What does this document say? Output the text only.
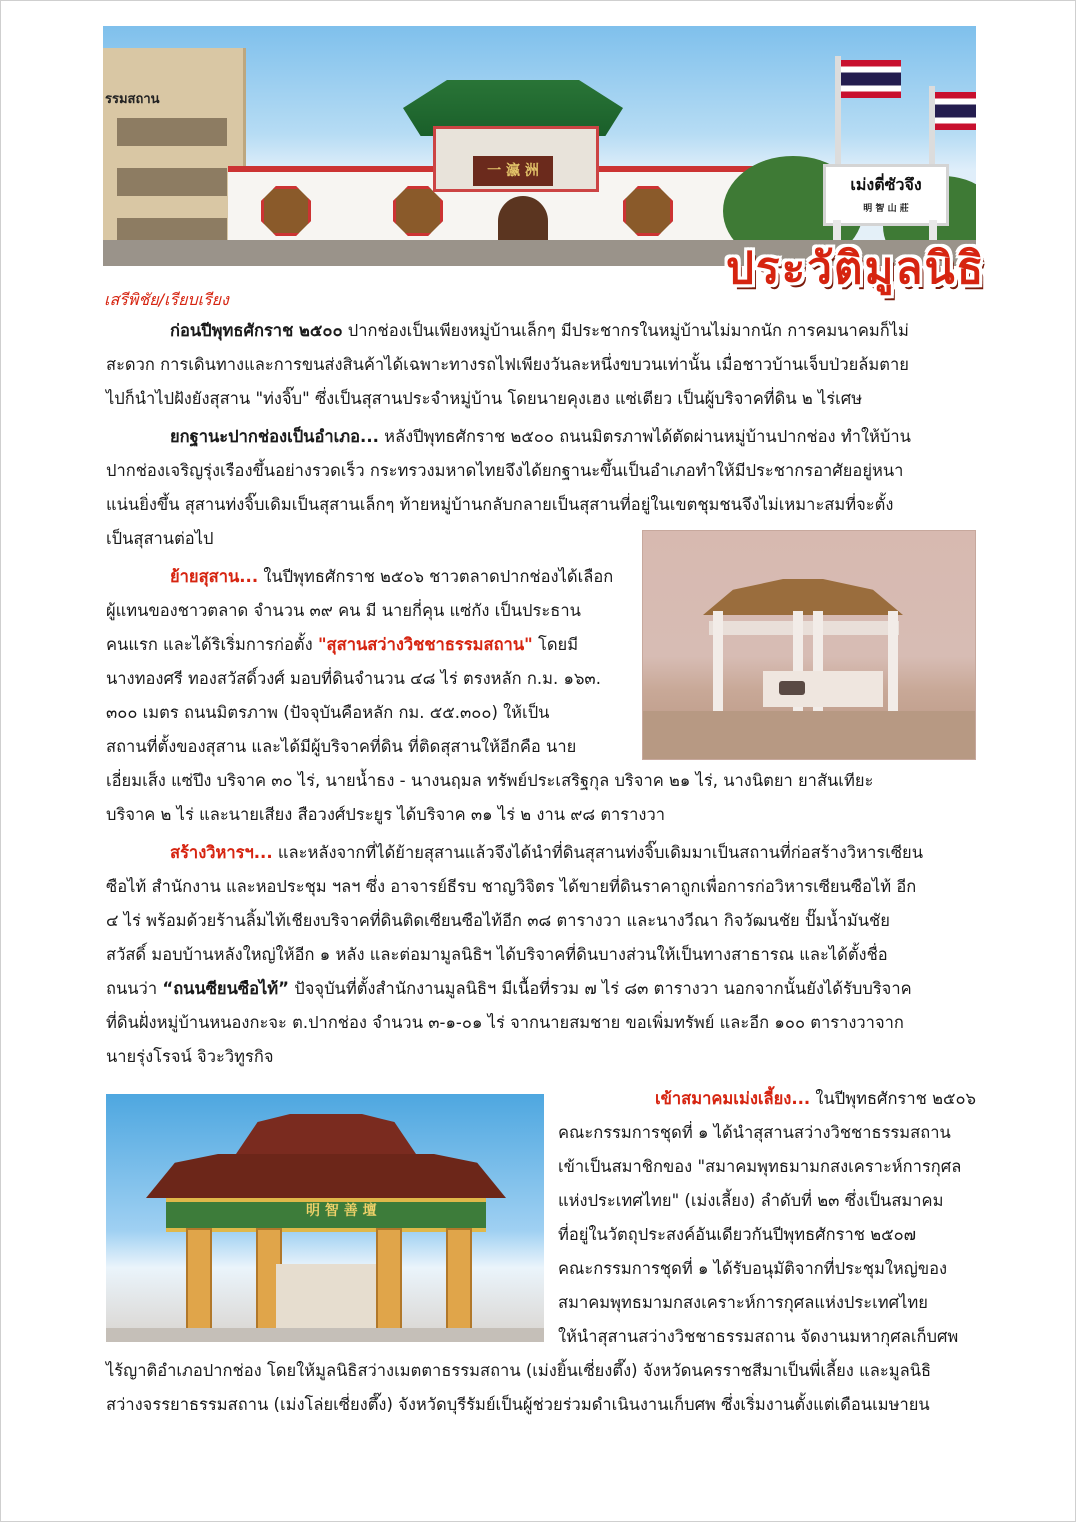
รรมสถาน
一 瀛 洲
เม่งตี่ซัวจึง
明 智 山 莊
ประวัติมูลนิธิ
เสรีพิชัย/เรียบเรียง
ก่อนปีพุทธศักราช ๒๕๐๐ ปากช่องเป็นเพียงหมู่บ้านเล็กๆ มีประชากรในหมู่บ้านไม่มากนัก การคมนาคมก็ไม่
สะดวก การเดินทางและการขนส่งสินค้าได้เฉพาะทางรถไฟเพียงวันละหนึ่งขบวนเท่านั้น เมื่อชาวบ้านเจ็บป่วยล้มตาย
ไปก็นำไปฝังยังสุสาน "ท่งจิ๊บ" ซึ่งเป็นสุสานประจำหมู่บ้าน โดยนายคุงเฮง แซ่เตียว เป็นผู้บริจาคที่ดิน ๒ ไร่เศษ
ยกฐานะปากช่องเป็นอำเภอ... หลังปีพุทธศักราช ๒๕๐๐ ถนนมิตรภาพได้ตัดผ่านหมู่บ้านปากช่อง ทำให้บ้าน
ปากช่องเจริญรุ่งเรืองขึ้นอย่างรวดเร็ว กระทรวงมหาดไทยจึงได้ยกฐานะขึ้นเป็นอำเภอทำให้มีประชากรอาศัยอยู่หนา
แน่นยิ่งขึ้น สุสานท่งจิ๊บเดิมเป็นสุสานเล็กๆ ท้ายหมู่บ้านกลับกลายเป็นสุสานที่อยู่ในเขตชุมชนจึงไม่เหมาะสมที่จะตั้ง
เป็นสุสานต่อไป
ย้ายสุสาน... ในปีพุทธศักราช ๒๕๐๖ ชาวตลาดปากช่องได้เลือก
ผู้แทนของชาวตลาด จำนวน ๓๙ คน มี นายกี่คุน แซ่กัง เป็นประธาน
คนแรก และได้ริเริ่มการก่อตั้ง "สุสานสว่างวิชชาธรรมสถาน" โดยมี
นางทองศรี ทองสวัสดิ์วงศ์ มอบที่ดินจำนวน ๔๘ ไร่ ตรงหลัก ก.ม. ๑๖๓.
๓๐๐ เมตร ถนนมิตรภาพ (ปัจจุบันคือหลัก กม. ๕๕.๓๐๐) ให้เป็น
สถานที่ตั้งของสุสาน และได้มีผู้บริจาคที่ดิน ที่ติดสุสานให้อีกคือ นาย
เอี่ยมเส็ง แซ่ปึง บริจาค ๓๐ ไร่, นายน้ำธง - นางนฤมล ทรัพย์ประเสริฐกุล บริจาค ๒๑ ไร่, นางนิตยา ยาสันเทียะ
บริจาค ๒ ไร่ และนายเสียง สือวงศ์ประยูร ได้บริจาค ๓๑ ไร่ ๒ งาน ๙๘ ตารางวา
สร้างวิหารฯ... และหลังจากที่ได้ย้ายสุสานแล้วจึงได้นำที่ดินสุสานท่งจิ๊บเดิมมาเป็นสถานที่ก่อสร้างวิหารเซียน
ซือไท้ สำนักงาน และหอประชุม ฯลฯ ซึ่ง อาจารย์ธีรบ ชาญวิจิตร ได้ขายที่ดินราคาถูกเพื่อการก่อวิหารเซียนซือไท้ อีก
๔ ไร่ พร้อมด้วยร้านลิ้มไท้เชียงบริจาคที่ดินติดเซียนซือไท้อีก ๓๘ ตารางวา และนางวีณา กิจวัฒนชัย ปั๊มน้ำมันชัย
สวัสดิ์ มอบบ้านหลังใหญ่ให้อีก ๑ หลัง และต่อมามูลนิธิฯ ได้บริจาคที่ดินบางส่วนให้เป็นทางสาธารณ และได้ตั้งชื่อ
ถนนว่า “ถนนซียนซือไท้” ปัจจุบันที่ตั้งสำนักงานมูลนิธิฯ มีเนื้อที่รวม ๗ ไร่ ๘๓ ตารางวา นอกจากนั้นยังได้รับบริจาค
ที่ดินฝั่งหมู่บ้านหนองกะจะ ต.ปากช่อง จำนวน ๓-๑-๐๑ ไร่ จากนายสมชาย ขอเพิ่มทรัพย์ และอีก ๑๐๐ ตารางวาจาก
นายรุ่งโรจน์ จิวะวิทูรกิจ
明 智 善 壇
เข้าสมาคมเม่งเลี้ยง... ในปีพุทธศักราช ๒๕๐๖
คณะกรรมการชุดที่ ๑ ได้นำสุสานสว่างวิชชาธรรมสถาน
เข้าเป็นสมาชิกของ "สมาคมพุทธมามกสงเคราะห์การกุศล
แห่งประเทศไทย" (เม่งเลี้ยง) ลำดับที่ ๒๓ ซึ่งเป็นสมาคม
ที่อยู่ในวัตถุประสงค์อันเดียวกันปีพุทธศักราช ๒๕๐๗
คณะกรรมการชุดที่ ๑ ได้รับอนุมัติจากที่ประชุมใหญ่ของ
สมาคมพุทธมามกสงเคราะห์การกุศลแห่งประเทศไทย
ให้นำสุสานสว่างวิชชาธรรมสถาน จัดงานมหากุศลเก็บศพ
ไร้ญาติอำเภอปากช่อง โดยให้มูลนิธิสว่างเมตตาธรรมสถาน (เม่งยิ้นเซี่ยงตึ๊ง) จังหวัดนครราชสีมาเป็นพี่เลี้ยง และมูลนิธิ
สว่างจรรยาธรรมสถาน (เม่งโล่ยเซี่ยงตึ๊ง) จังหวัดบุรีรัมย์เป็นผู้ช่วยร่วมดำเนินงานเก็บศพ ซึ่งเริ่มงานตั้งแต่เดือนเมษายน
